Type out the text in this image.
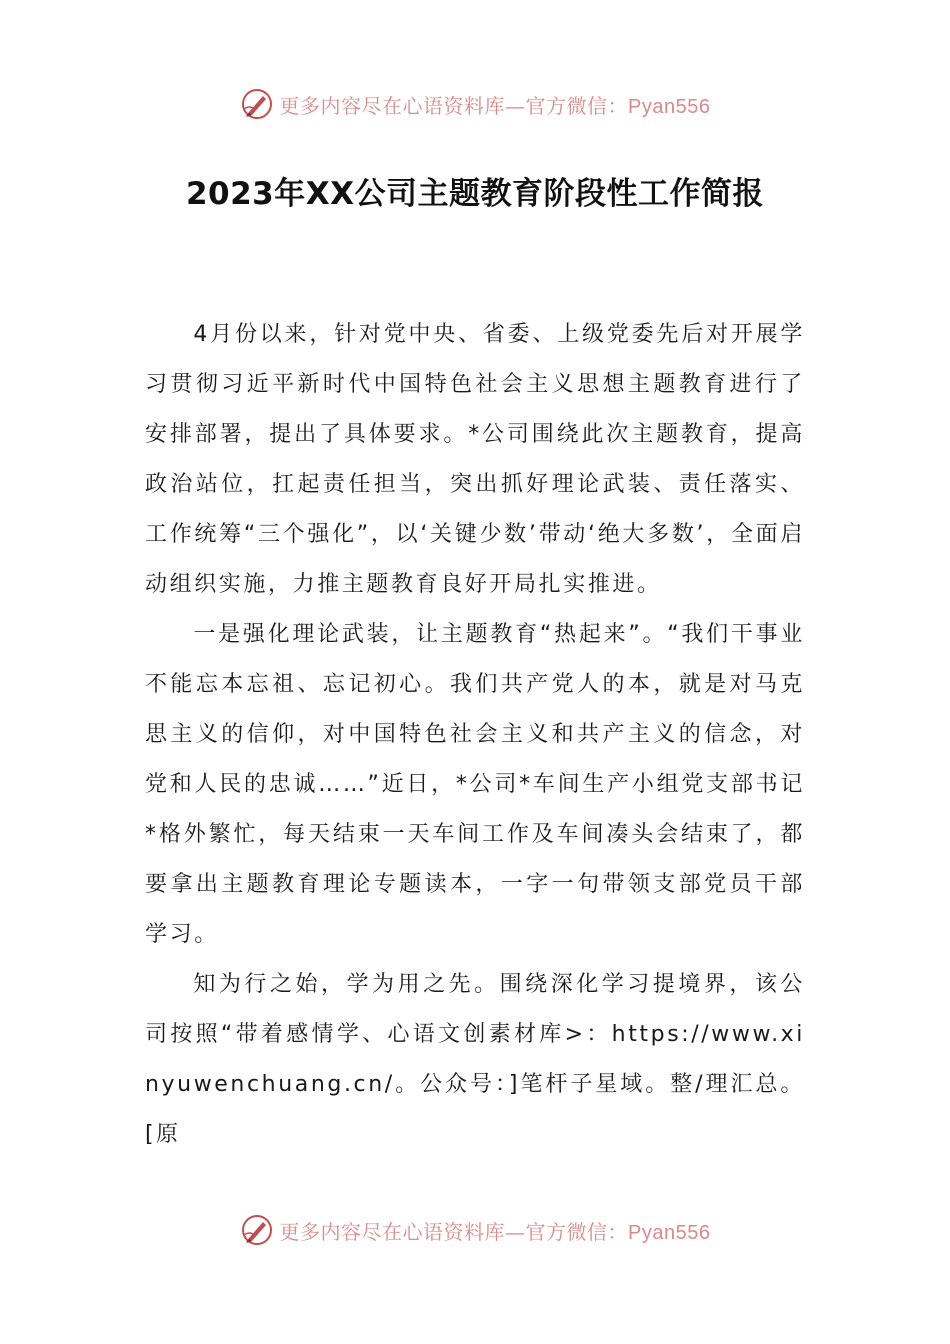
更多内容尽在心语资料库—官方微信：Pyan556
2023年XX公司主题教育阶段性工作简报

4月份以来，针对党中央、省委、上级党委先后对开展学习贯彻习近平新时代中国特色社会主义思想主题教育进行了安排部署，提出了具体要求。*公司围绕此次主题教育，提高政治站位，扛起责任担当，突出抓好理论武装、责任落实、工作统筹“三个强化”，以‘关键少数’带动‘绝大多数’，全面启动组织实施，力推主题教育良好开局扎实推进。

一是强化理论武装，让主题教育“热起来”。“我们干事业不能忘本忘祖、忘记初心。我们共产党人的本，就是对马克思主义的信仰，对中国特色社会主义和共产主义的信念，对党和人民的忠诚……”近日，*公司*车间生产小组党支部书记*格外繁忙，每天结束一天车间工作及车间凑头会结束了，都要拿出主题教育理论专题读本，一字一句带领支部党员干部学习。

知为行之始，学为用之先。围绕深化学习提境界，该公司按照“带着感情学、心语文创素材库>：https://www.xinyuwenchuang.cn/。公众号：]笔杆子星域。整/理汇总。[原

更多内容尽在心语资料库—官方微信：Pyan556
